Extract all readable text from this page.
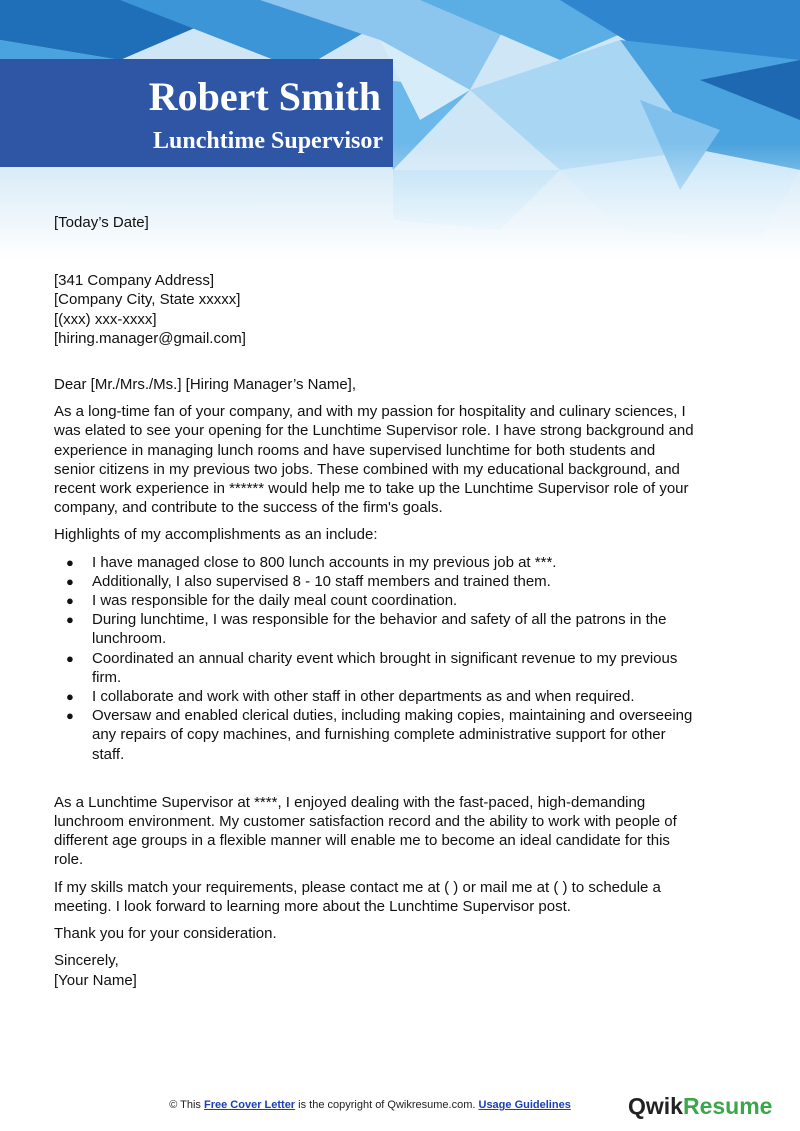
Robert Smith
Lunchtime Supervisor

[Today’s Date]

[341 Company Address]

[Company City, State xxxxx]

[(xxx) xxx-xxxx]

[hiring.manager@gmail.com]

Dear [Mr./Mrs./Ms.] [Hiring Manager’s Name],

As a long-time fan of your company, and with my passion for hospitality and culinary sciences, I

was elated to see your opening for the Lunchtime Supervisor role. I have strong background and

experience in managing lunch rooms and have supervised lunchtime for both students and

senior citizens in my previous two jobs. These combined with my educational background, and

recent work experience in ****** would help me to take up the Lunchtime Supervisor role of your

company, and contribute to the success of the firm's goals.

Highlights of my accomplishments as an include:

● I have managed close to 800 lunch accounts in my previous job at ***.

● Additionally, I also supervised 8 - 10 staff members and trained them.

● I was responsible for the daily meal count coordination.

● During lunchtime, I was responsible for the behavior and safety of all the patrons in the

lunchroom.

● Coordinated an annual charity event which brought in significant revenue to my previous

firm.

● I collaborate and work with other staff in other departments as and when required.

● Oversaw and enabled clerical duties, including making copies, maintaining and overseeing

any repairs of copy machines, and furnishing complete administrative support for other

staff.

As a Lunchtime Supervisor at ****, I enjoyed dealing with the fast-paced, high-demanding

lunchroom environment. My customer satisfaction record and the ability to work with people of

different age groups in a flexible manner will enable me to become an ideal candidate for this

role.

If my skills match your requirements, please contact me at ( ) or mail me at ( ) to schedule a

meeting. I look forward to learning more about the Lunchtime Supervisor post.

Thank you for your consideration.

Sincerely,

[Your Name]

© This Free Cover Letter is the copyright of Qwikresume.com. Usage Guidelines	QwikResume
